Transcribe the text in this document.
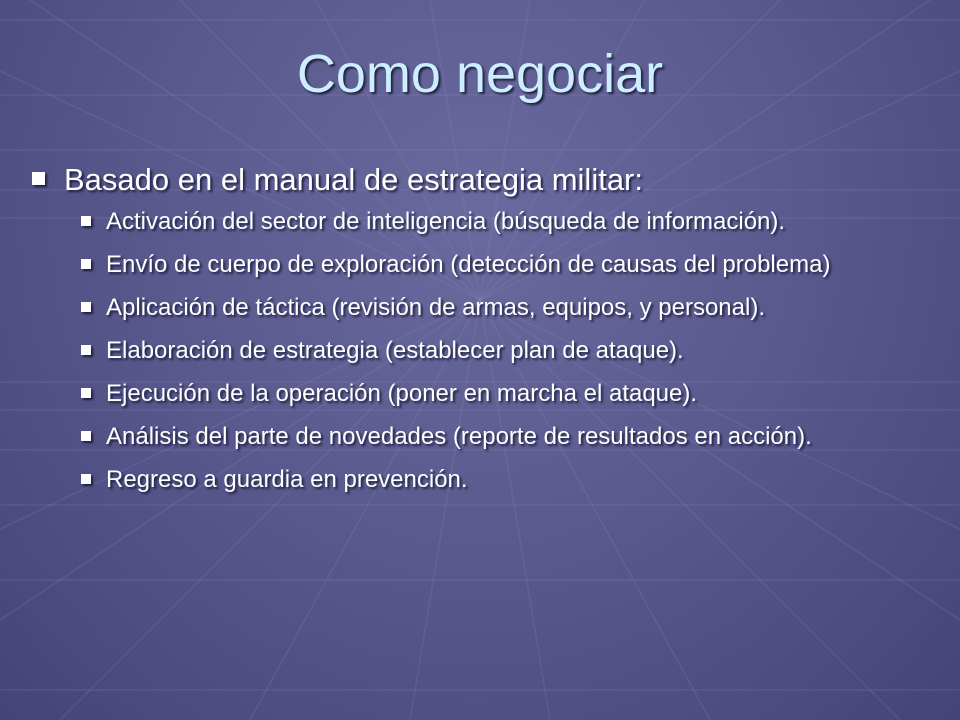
Como negociar
Basado en el manual de estrategia militar:
Activación del sector de inteligencia (búsqueda de información).
Envío de cuerpo de exploración (detección de causas del problema)
Aplicación de táctica (revisión de armas, equipos, y personal).
Elaboración de estrategia (establecer plan de ataque).
Ejecución de la operación (poner en marcha el ataque).
Análisis del parte de novedades (reporte de resultados en acción).
Regreso a guardia en prevención.
